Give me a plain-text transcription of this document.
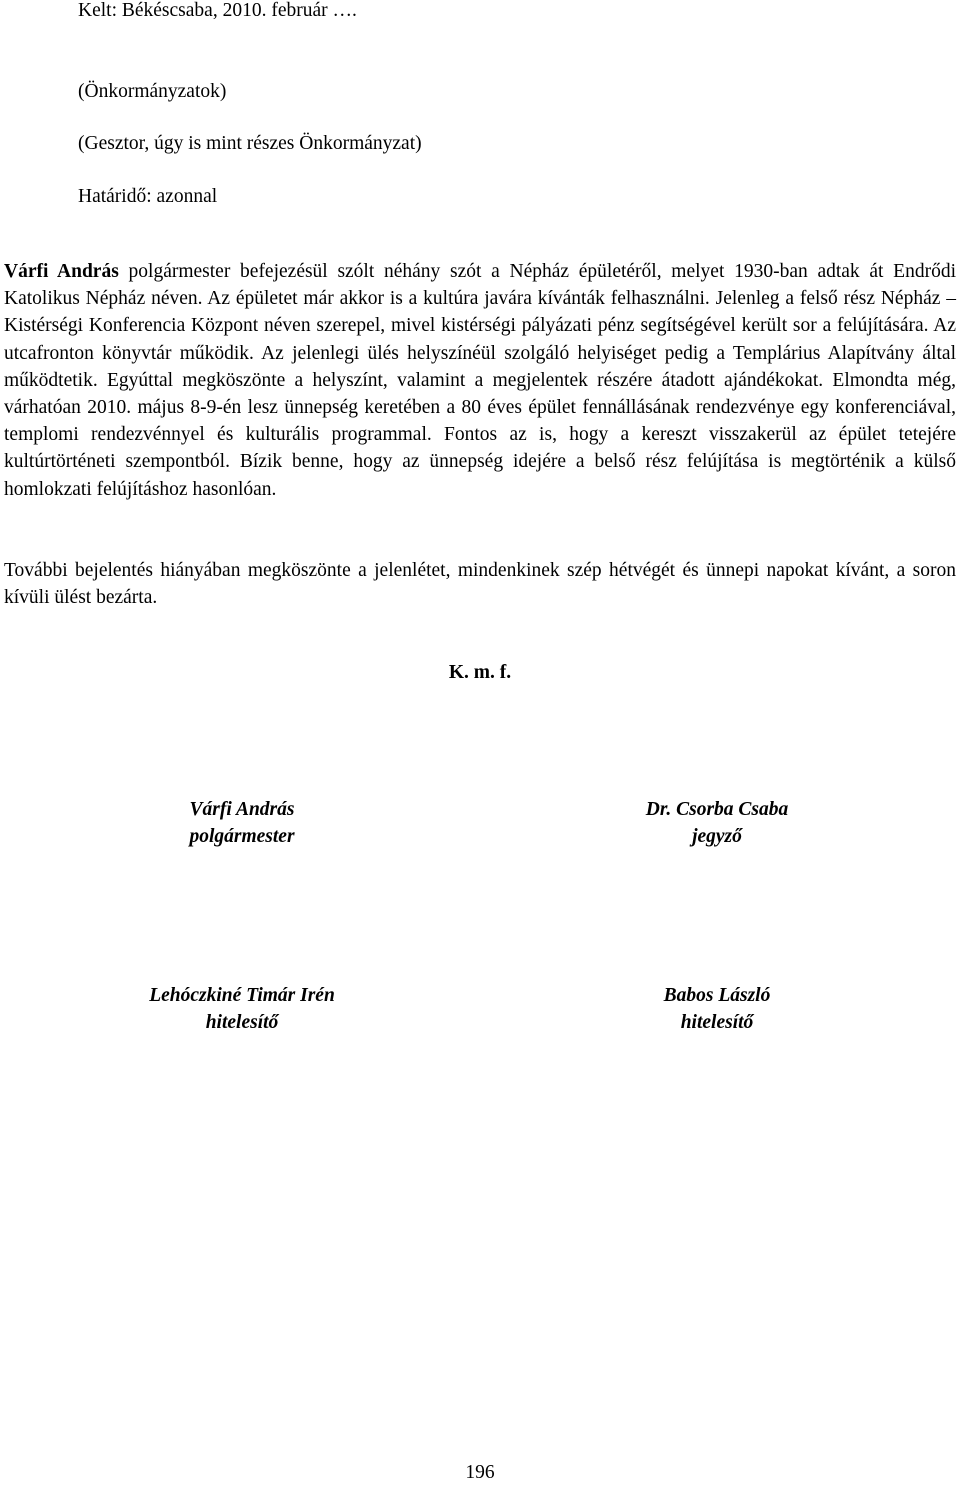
Kelt: Békéscsaba, 2010. február ….
(Önkormányzatok)
(Gesztor, úgy is mint részes Önkormányzat)
Határidő: azonnal
Várfi András polgármester befejezésül szólt néhány szót a Népház épületéről, melyet 1930-ban adtak át Endrődi Katolikus Népház néven. Az épületet már akkor is a kultúra javára kívánták felhasználni. Jelenleg a felső rész Népház – Kistérségi Konferencia Központ néven szerepel, mivel kistérségi pályázati pénz segítségével került sor a felújítására. Az utcafronton könyvtár működik. Az jelenlegi ülés helyszínéül szolgáló helyiséget pedig a Templárius Alapítvány által működtetik. Egyúttal megköszönte a helyszínt, valamint a megjelentek részére átadott ajándékokat. Elmondta még, várhatóan 2010. május 8-9-én lesz ünnepség keretében a 80 éves épület fennállásának rendezvénye egy konferenciával, templomi rendezvénnyel és kulturális programmal. Fontos az is, hogy a kereszt visszakerül az épület tetejére kultúrtörténeti szempontból. Bízik benne, hogy az ünnepség idejére a belső rész felújítása is megtörténik a külső homlokzati felújításhoz hasonlóan.
További bejelentés hiányában megköszönte a jelenlétet, mindenkinek szép hétvégét és ünnepi napokat kívánt, a soron kívüli ülést bezárta.
K. m. f.
Várfi András
polgármester
Dr. Csorba Csaba
jegyző
Lehóczkiné Timár Irén
hitelesítő
Babos László
hitelesítő
196
